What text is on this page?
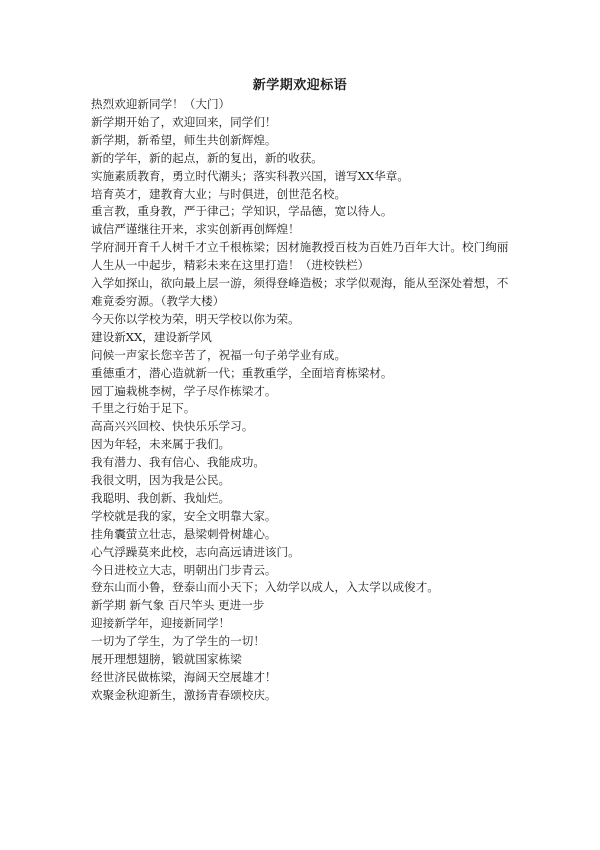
新学期欢迎标语

热烈欢迎新同学！（大门）

新学期开始了，欢迎回来，同学们！

新学期，新希望，师生共创新辉煌。

新的学年，新的起点，新的复出，新的收获。

实施素质教育，勇立时代潮头；落实科教兴国，谱写XX华章。

培育英才，建教育大业；与时俱进，创世范名校。

重言教，重身教，严于律己；学知识，学品德，宽以待人。

诚信严谨继往开来，求实创新再创辉煌！

学府洞开育千人树千才立千根栋梁；因材施教授百枝为百姓乃百年大计。校门绚丽人生从一中起步，精彩未来在这里打造！（进校铁栏）

入学如探山，欲向最上层一游，须得登峰造极；求学似观海，能从至深处着想，不难竟委穷源。（教学大楼）

今天你以学校为荣，明天学校以你为荣。

建设新XX，建设新学风

问候一声家长您辛苦了，祝福一句子弟学业有成。

重德重才，潜心造就新一代；重教重学，全面培育栋梁材。

园丁遍栽桃李树，学子尽作栋梁才。

千里之行始于足下。

高高兴兴回校、快快乐乐学习。

因为年轻，未来属于我们。

我有潜力、我有信心、我能成功。

我很文明，因为我是公民。

我聪明、我创新、我灿烂。

学校就是我的家，安全文明靠大家。

挂角囊萤立壮志，悬梁刺骨树雄心。

心气浮躁莫来此校，志向高远请进该门。

今日进校立大志，明朝出门步青云。

登东山而小鲁，登泰山而小天下；入幼学以成人，入太学以成俊才。

新学期 新气象 百尺竿头 更进一步

迎接新学年，迎接新同学！

一切为了学生，为了学生的一切！

展开理想翅膀，锻就国家栋梁

经世济民做栋梁，海阔天空展雄才！

欢聚金秋迎新生，激扬青春颂校庆。
